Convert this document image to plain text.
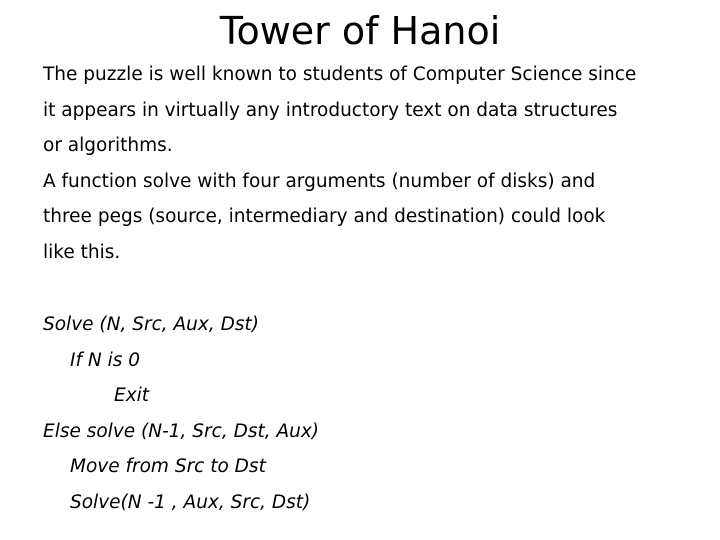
Tower of Hanoi

The puzzle is well known to students of Computer Science since
it appears in virtually any introductory text on data structures
or algorithms.

A function solve with four arguments (number of disks) and
three pegs (source, intermediary and destination) could look
like this.

Solve (N, Src, Aux, Dst)
If N is 0
Exit
Else solve (N-1, Src, Dst, Aux)
Move from Src to Dst
Solve(N -1 , Aux, Src, Dst)
